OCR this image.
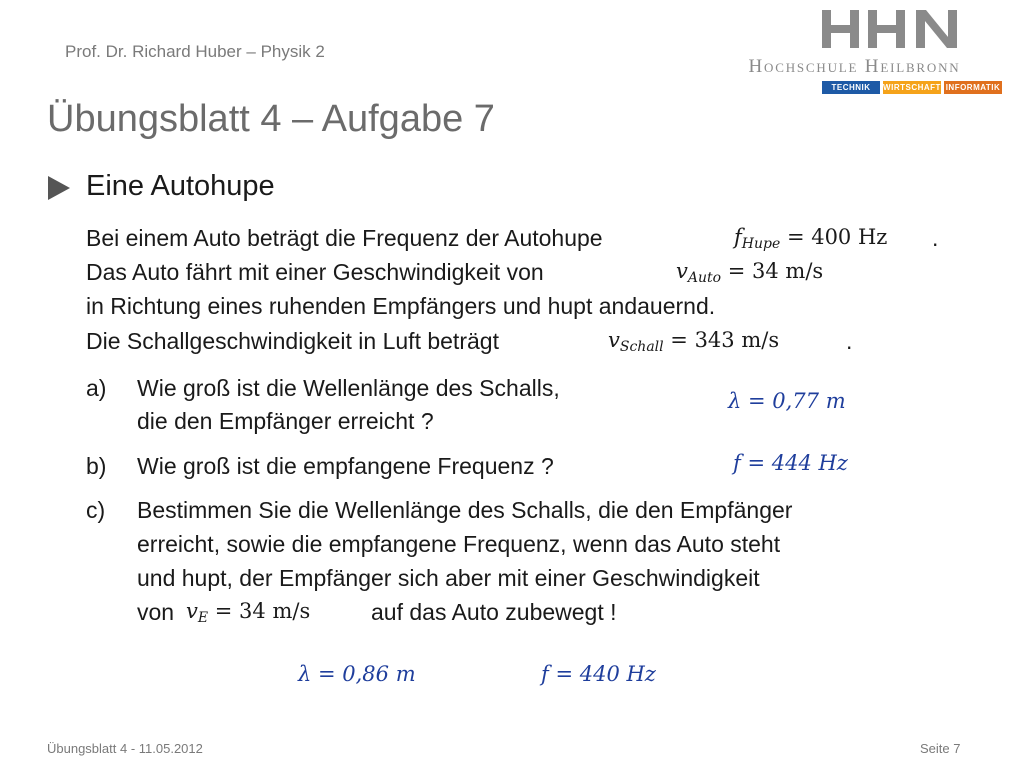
Prof. Dr. Richard Huber – Physik 2
Hochschule Heilbronn
TECHNIK	WIRTSCHAFT INFORMATIK
Übungsblatt 4 – Aufgabe 7
Eine Autohupe
Bei einem Auto beträgt die Frequenz der Autohupe	$f_{Hupe} = 400$ Hz .
Das Auto fährt mit einer Geschwindigkeit von	$v_{Auto} = 34$ m/s
in Richtung eines ruhenden Empfängers und hupt andauernd.
Die Schallgeschwindigkeit in Luft beträgt	$v_{Schall} = 343$ m/s	.
a) Wie groß ist die Wellenlänge des Schalls,
die den Empfänger erreicht ?
λ = 0,77 m
b) Wie groß ist die empfangene Frequenz ?	f = 444 Hz
c) Bestimmen Sie die Wellenlänge des Schalls, die den Empfänger
erreicht, sowie die empfangene Frequenz, wenn das Auto steht
und hupt, der Empfänger sich aber mit einer Geschwindigkeit
von $v_E = 34$ m/s	auf das Auto zubewegt !
λ = 0,86 m	f = 440 Hz
Übungsblatt 4 - 11.05.2012	Seite 7
